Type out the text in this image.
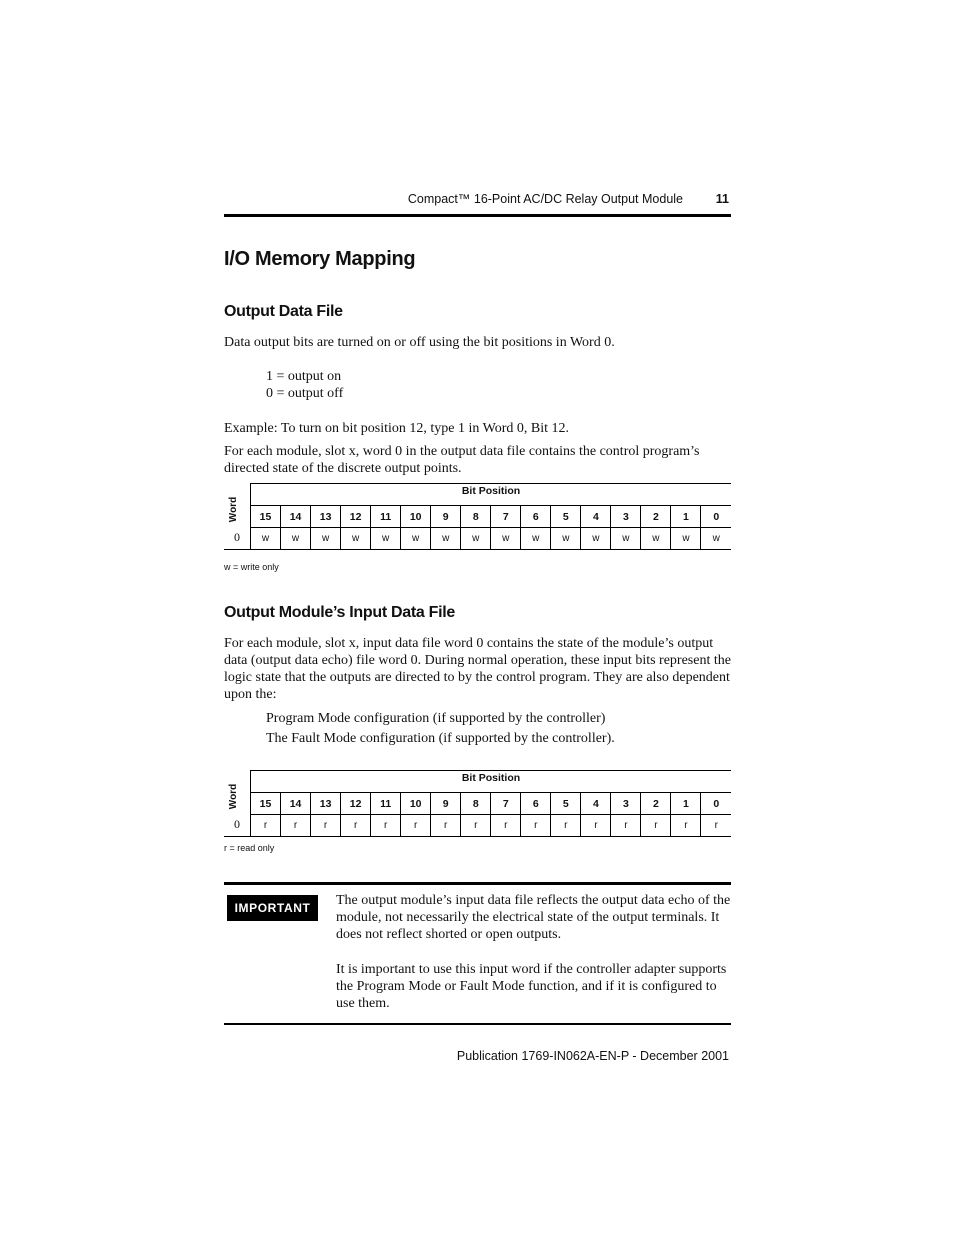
Compact™ 16-Point AC/DC Relay Output Module	11
I/O Memory Mapping
Output Data File
Data output bits are turned on or off using the bit positions in Word 0.
1 = output on
0 = output off
Example: To turn on bit position 12, type 1 in Word 0, Bit 12.
For each module, slot x, word 0 in the output data file contains the control program’s directed state of the discrete output points.
Word	Bit Position															
	15	14	13	12	11	10	9	8	7	6	5	4	3	2	1	0
0	w	w	w	w	w	w	w	w	w	w	w	w	w	w	w	w
w = write only
Output Module’s Input Data File
For each module, slot x, input data file word 0 contains the state of the module’s output data (output data echo) file word 0. During normal operation, these input bits represent the logic state that the outputs are directed to by the control program. They are also dependent upon the:
Program Mode configuration (if supported by the controller)
The Fault Mode configuration (if supported by the controller).
Word	Bit Position															
	15	14	13	12	11	10	9	8	7	6	5	4	3	2	1	0
0	r	r	r	r	r	r	r	r	r	r	r	r	r	r	r	r
r = read only
IMPORTANT	The output module’s input data file reflects the output data echo of the module, not necessarily the electrical state of the output terminals. It does not reflect shorted or open outputs.
It is important to use this input word if the controller adapter supports the Program Mode or Fault Mode function, and if it is configured to use them.
Publication 1769-IN062A-EN-P - December 2001
